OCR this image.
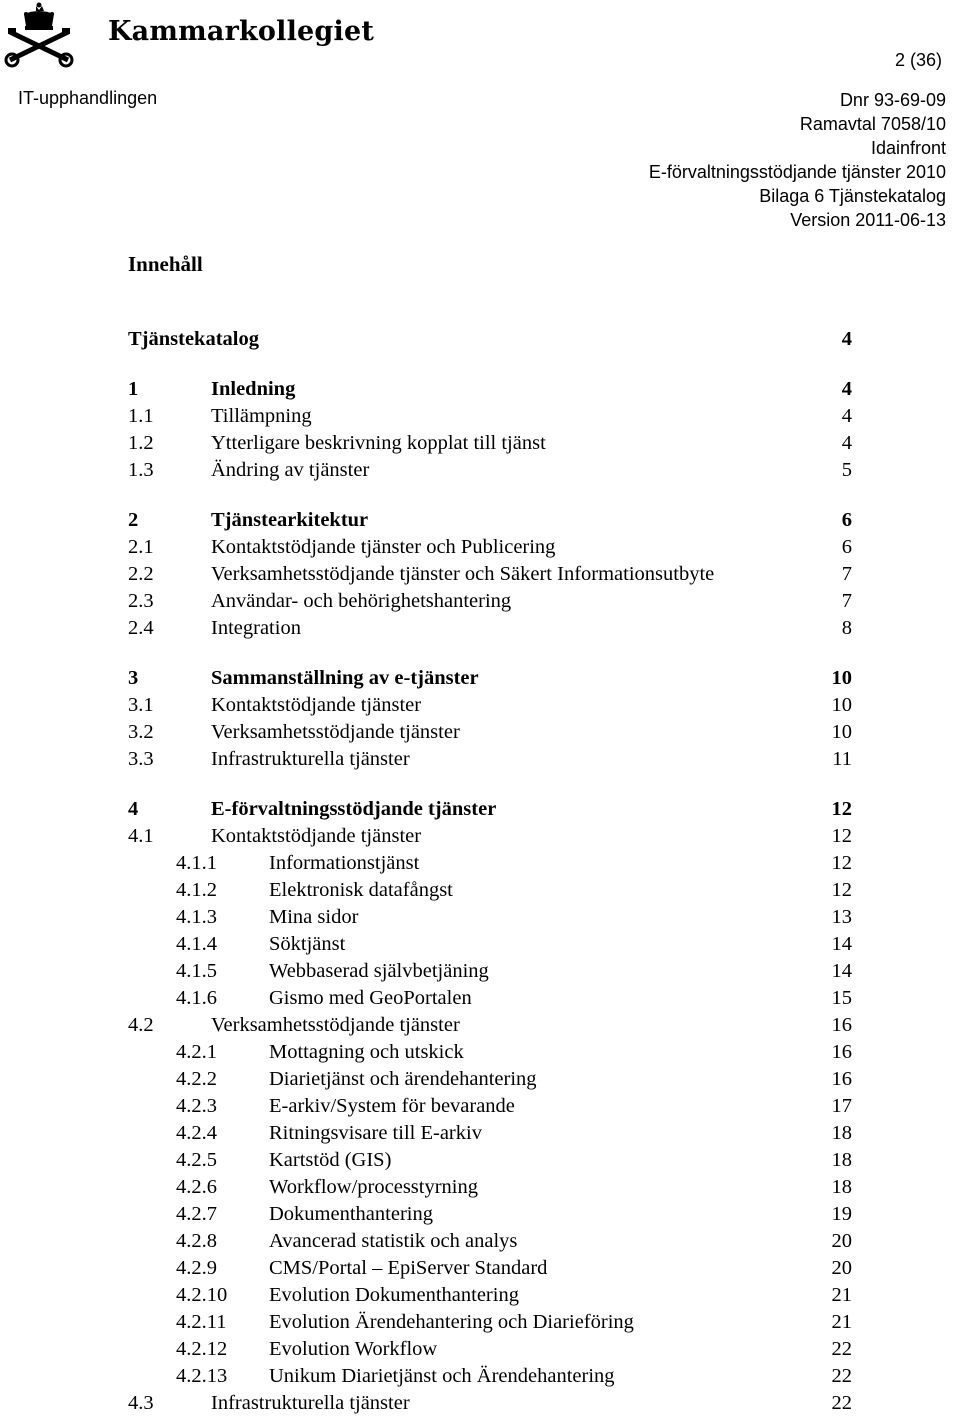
Kammarkollegiet
2 (36)
IT-upphandlingen	Dnr 93-69-09
Ramavtal 7058/10
Idainfront
E-förvaltningsstödjande tjänster 2010
Bilaga 6 Tjänstekatalog
Version 2011-06-13
Innehåll
Tjänstekatalog	4
1	Inledning	4
1.1	Tillämpning	4
1.2	Ytterligare beskrivning kopplat till tjänst	4
1.3	Ändring av tjänster	5
2	Tjänstearkitektur	6
2.1	Kontaktstödjande tjänster och Publicering	6
2.2	Verksamhetsstödjande tjänster och Säkert Informationsutbyte	7
2.3	Användar- och behörighetshantering	7
2.4	Integration	8
3	Sammanställning av e-tjänster	10
3.1	Kontaktstödjande tjänster	10
3.2	Verksamhetsstödjande tjänster	10
3.3	Infrastrukturella tjänster	11
4	E-förvaltningsstödjande tjänster	12
4.1	Kontaktstödjande tjänster	12
4.1.1	Informationstjänst	12
4.1.2	Elektronisk datafångst	12
4.1.3	Mina sidor	13
4.1.4	Söktjänst	14
4.1.5	Webbaserad självbetjäning	14
4.1.6	Gismo med GeoPortalen	15
4.2	Verksamhetsstödjande tjänster	16
4.2.1	Mottagning och utskick	16
4.2.2	Diarietjänst och ärendehantering	16
4.2.3	E-arkiv/System för bevarande	17
4.2.4	Ritningsvisare till E-arkiv	18
4.2.5	Kartstöd (GIS)	18
4.2.6	Workflow/processtyrning	18
4.2.7	Dokumenthantering	19
4.2.8	Avancerad statistik och analys	20
4.2.9	CMS/Portal – EpiServer Standard	20
4.2.10 Evolution Dokumenthantering	21
4.2.11 Evolution Ärendehantering och Diarieföring	21
4.2.12 Evolution Workflow	22
4.2.13 Unikum Diarietjänst och Ärendehantering	22
4.3	Infrastrukturella tjänster	22
